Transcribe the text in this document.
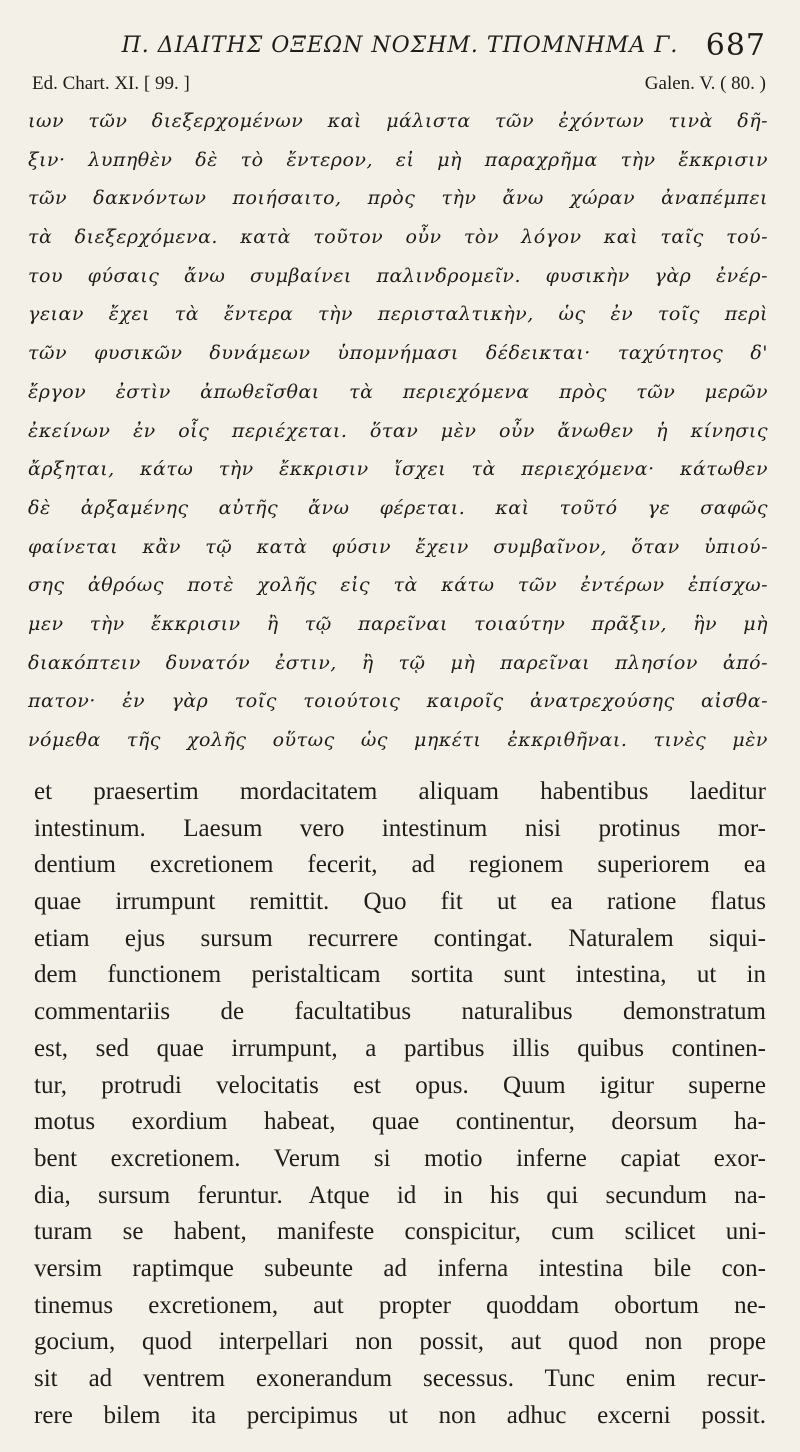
Π. ΔΙΑΙΤΗΣ ΟΞΕΩΝ ΝΟΣΗΜ. ΤΠΟΜΝΗΜΑ Γ. 687
Ed. Chart. XI. [ 99. ]	Galen. V. ( 80. )
ιων τῶν διεξερχομένων καὶ μάλιστα τῶν ἐχόντων τινὰ δῆ-
ξιν· λυπηθὲν δὲ τὸ ἔντερον, εἰ μὴ παραχρῆμα τὴν ἔκκρισιν
τῶν δακνόντων ποιήσαιτο, πρὸς τὴν ἄνω χώραν ἀναπέμπει
τὰ διεξερχόμενα. κατὰ τοῦτον οὖν τὸν λόγον καὶ ταῖς τού-
του φύσαις ἄνω συμβαίνει παλινδρομεῖν. φυσικὴν γὰρ ἐνέρ-
γειαν ἔχει τὰ ἔντερα τὴν περισταλτικὴν, ὡς ἐν τοῖς περὶ
τῶν φυσικῶν δυνάμεων ὑπομνήμασι δέδεικται· ταχύτητος δ'
ἔργον ἐστὶν ἀπωθεῖσθαι τὰ περιεχόμενα πρὸς τῶν μερῶν
ἐκείνων ἐν οἷς περιέχεται. ὅταν μὲν οὖν ἄνωθεν ἡ κίνησις
ἄρξηται, κάτω τὴν ἔκκρισιν ἴσχει τὰ περιεχόμενα· κάτωθεν
δὲ ἀρξαμένης αὐτῆς ἄνω φέρεται. καὶ τοῦτό γε σαφῶς
φαίνεται κἂν τῷ κατὰ φύσιν ἔχειν συμβαῖνον, ὅταν ὑπιού-
σης ἀθρόως ποτὲ χολῆς εἰς τὰ κάτω τῶν ἐντέρων ἐπίσχω-
μεν τὴν ἔκκρισιν ἢ τῷ παρεῖναι τοιαύτην πρᾶξιν, ἣν μὴ
διακόπτειν δυνατόν ἐστιν, ἢ τῷ μὴ παρεῖναι πλησίον ἀπό-
πατον· ἐν γὰρ τοῖς τοιούτοις καιροῖς ἀνατρεχούσης αἰσθα-
νόμεθα τῆς χολῆς οὕτως ὡς μηκέτι ἐκκριθῆναι. τινὲς μὲν
et praesertim mordacitatem aliquam habentibus laeditur
intestinum. Laesum vero intestinum nisi protinus mor-
dentium excretionem fecerit, ad regionem superiorem ea
quae irrumpunt remittit. Quo fit ut ea ratione flatus
etiam ejus sursum recurrere contingat. Naturalem siqui-
dem functionem peristalticam sortita sunt intestina, ut in
commentariis de facultatibus naturalibus demonstratum
est, sed quae irrumpunt, a partibus illis quibus continen-
tur, protrudi velocitatis est opus. Quum igitur superne
motus exordium habeat, quae continentur, deorsum ha-
bent excretionem. Verum si motio inferne capiat exor-
dia, sursum feruntur. Atque id in his qui secundum na-
turam se habent, manifeste conspicitur, cum scilicet uni-
versim raptimque subeunte ad inferna intestina bile con-
tinemus excretionem, aut propter quoddam obortum ne-
gocium, quod interpellari non possit, aut quod non prope
sit ad ventrem exonerandum secessus. Tunc enim recur-
rere bilem ita percipimus ut non adhuc excerni possit.
